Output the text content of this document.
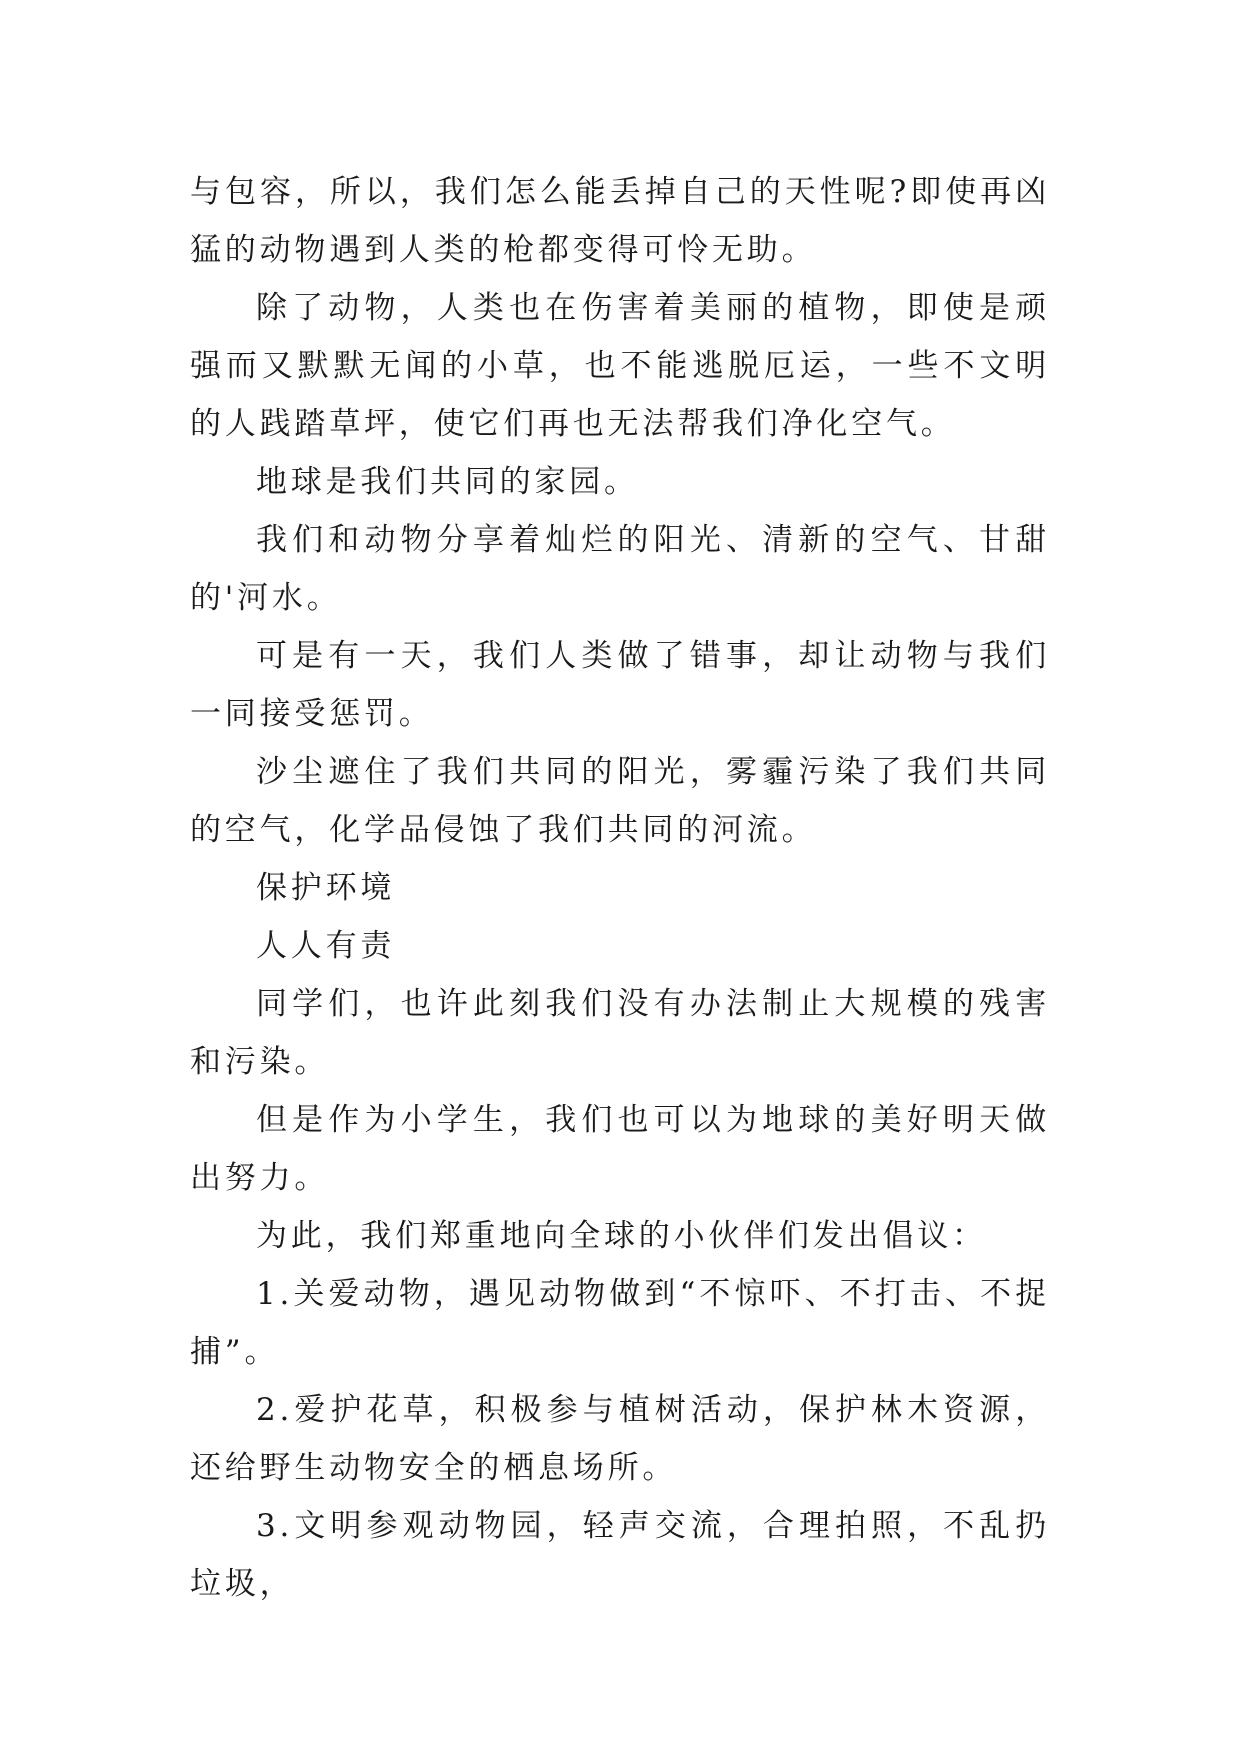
与包容，所以，我们怎么能丢掉自己的天性呢?即使再凶猛的动物遇到人类的枪都变得可怜无助。

除了动物，人类也在伤害着美丽的植物，即使是顽强而又默默无闻的小草，也不能逃脱厄运，一些不文明的人践踏草坪，使它们再也无法帮我们净化空气。

地球是我们共同的家园。

我们和动物分享着灿烂的阳光、清新的空气、甘甜的'河水。

可是有一天，我们人类做了错事，却让动物与我们一同接受惩罚。

沙尘遮住了我们共同的阳光，雾霾污染了我们共同的空气，化学品侵蚀了我们共同的河流。

保护环境

人人有责

同学们，也许此刻我们没有办法制止大规模的残害和污染。

但是作为小学生，我们也可以为地球的美好明天做出努力。

为此，我们郑重地向全球的小伙伴们发出倡议：

1.关爱动物，遇见动物做到“不惊吓、不打击、不捉捕”。

2.爱护花草，积极参与植树活动，保护林木资源，还给野生动物安全的栖息场所。

3.文明参观动物园，轻声交流，合理拍照，不乱扔垃圾，
